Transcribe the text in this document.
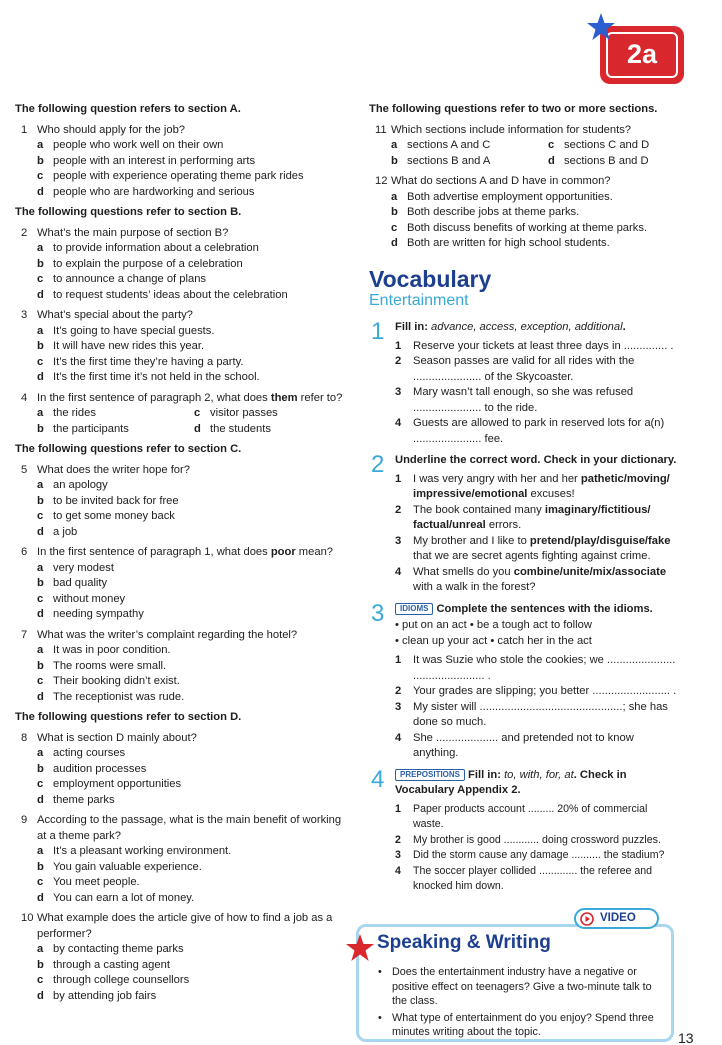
2a
The following question refers to section A.
1 Who should apply for the job?
a people who work well on their own
b people with an interest in performing arts
c people with experience operating theme park rides
d people who are hardworking and serious
The following questions refer to section B.
2 What’s the main purpose of section B?
a to provide information about a celebration
b to explain the purpose of a celebration
c to announce a change of plans
d to request students’ ideas about the celebration
3 What’s special about the party?
a It’s going to have special guests.
b It will have new rides this year.
c It’s the first time they’re having a party.
d It’s the first time it’s not held in the school.
4 In the first sentence of paragraph 2, what does them refer to?
a the rides	c visitor passes
b the participants	d the students
The following questions refer to section C.
5 What does the writer hope for?
a an apology
b to be invited back for free
c to get some money back
d a job
6 In the first sentence of paragraph 1, what does poor mean?
a very modest
b bad quality
c without money
d needing sympathy
7 What was the writer’s complaint regarding the hotel?
a It was in poor condition.
b The rooms were small.
c Their booking didn’t exist.
d The receptionist was rude.
The following questions refer to section D.
8 What is section D mainly about?
a acting courses
b audition processes
c employment opportunities
d theme parks
9 According to the passage, what is the main benefit of working at a theme park?
a It’s a pleasant working environment.
b You gain valuable experience.
c You meet people.
d You can earn a lot of money.
10 What example does the article give of how to find a job as a performer?
a by contacting theme parks
b through a casting agent
c through college counsellors
d by attending job fairs
The following questions refer to two or more sections.
11 Which sections include information for students?
a sections A and C	c sections C and D
b sections B and A	d sections B and D
12 What do sections A and D have in common?
a Both advertise employment opportunities.
b Both describe jobs at theme parks.
c Both discuss benefits of working at theme parks.
d Both are written for high school students.
Vocabulary
Entertainment
1 Fill in: advance, access, exception, additional.
1 Reserve your tickets at least three days in .............. .
2 Season passes are valid for all rides with the ...................... of the Skycoaster.
3 Mary wasn’t tall enough, so she was refused ...................... to the ride.
4 Guests are allowed to park in reserved lots for a(n) ...................... fee.
2 Underline the correct word. Check in your dictionary.
1 I was very angry with her and her pathetic/moving/ impressive/emotional excuses!
2 The book contained many imaginary/fictitious/ factual/unreal errors.
3 My brother and I like to pretend/play/disguise/fake that we are secret agents fighting against crime.
4 What smells do you combine/unite/mix/associate with a walk in the forest?
3	IDIOMS Complete the sentences with the idioms.
• put on an act • be a tough act to follow
• clean up your act • catch her in the act
1 It was Suzie who stole the cookies; we ...................... ....................... .
2 Your grades are slipping; you better ......................... .
3 My sister will ..............................................; she has done so much.
4 She .................... and pretended not to know anything.
4	PREPOSITIONS Fill in: to, with, for, at. Check in Vocabulary Appendix 2.
1 Paper products account ......... 20% of commercial waste.
2 My brother is good ............ doing crossword puzzles.
3 Did the storm cause any damage .......... the stadium?
4 The soccer player collided ............. the referee and knocked him down.
Speaking & Writing
• Does the entertainment industry have a negative or positive effect on teenagers? Give a two-minute talk to the class.
• What type of entertainment do you enjoy? Spend three minutes writing about the topic.
VIDEO
13
